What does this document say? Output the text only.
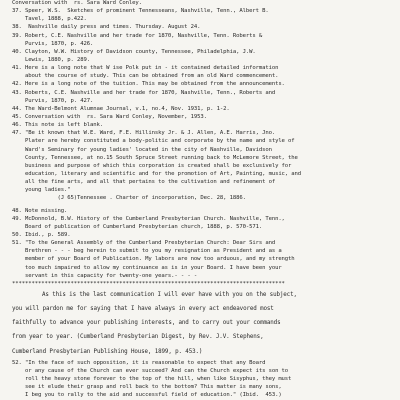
Conversation with  rs. Sara Ward Conley.
37. Speer, W.S.  Sketches of prominent Tennesseans, Nashville, Tenn., Albert B.
Tavel, 1888, p.422.
38.  Nashville daily press and times. Thursday. August 24.
39. Robert, C.E. Nashville and her trade for 1870, Nashville, Tenn. Roberts &
Purvis, 1870, p. 426.
40. Clayton, W.W. History of Davidson county, Tennessee, Philadelphia, J.W.
Lewis, 1880, p. 289.
41. Here is a long note that W ise Polk put in - it contained detailed information
about the course of study. This can be obtained from an old Ward commencement.
42. Here is a long note of the tuition. This may be obtained from the announcements.
43. Roberts, C.E. Nashville and her trade for 1870, Nashville, Tenn., Roberts and
Purvis, 1870, p. 427.
44. The Ward-Belmont Alumnae Journal, v.1, no.4, Nov. 1931, p. 1-2.
45. Conversation with  rs. Sara Ward Conley, November, 1953.
46. This note is left blank.
47. "Be it known that W.E. Ward, F.E. Hillinsky Jr. & J. Allen, A.E. Harris, Jno.
Plater are hereby constituted a body-politic and corporate by the name and style of
Ward's Seminary for young ladies' located in the city of Nashville, Davidson
County, Tennessee, at no.15 South Spruce Street running back to McLemore Street, the
business and purpose of which this corporation is created shall be exclusively for
education, literary and scientific and for the promotion of Art, Painting, music, and
all the fine arts, and all that pertains to the cultivation and refinement of
young ladies."
(J 65)Tennessee . Charter of incorporation, Dec. 28, 1886.
48. Note missing.
49. McDonnold, B.W. History of the Cumberland Presbyterian Church. Nashville, Tenn.,
Board of publication of Cumberland Presbyterian church, 1888, p. 570-571.
50. Ibid., p. 589.
51. "To the General Assembly of the Cumberland Presbyterian Church: Dear Sirs and
Brethren - - - beg herein to submit to you my resignation as President and as a
member of your Board of Publication. My labors are now too arduous, and my strength
too much impaired to allow my continuance as is in your Board. I have been your
servant in this capacity for twenty-one years.- - - -
************************************************************************************
As this is the last communication I will ever have with you on the subject,
you will pardon me for saying that I have always in every act endeavored most
faithfully to advance your publishing interests, and to carry out your commands
from year to year. (Cumberland Presbyterian Digest, by Rev. J.V. Stephens,
Cumberland Presbyterian Publishing House, 1899, p. 453.)
52. "In the face of such opposition, it is reasonable to expect that any Board
or any cause of the Church can ever succeed? And can the Church expect its son to
roll the heavy stone forever to the top of the hill, when like Sisyphus, they must
see it elude their grasp and roll back to the bottom? This matter is many sons,
I beg you to rally to the aid and successful field of education." (Ibid.  453.)
